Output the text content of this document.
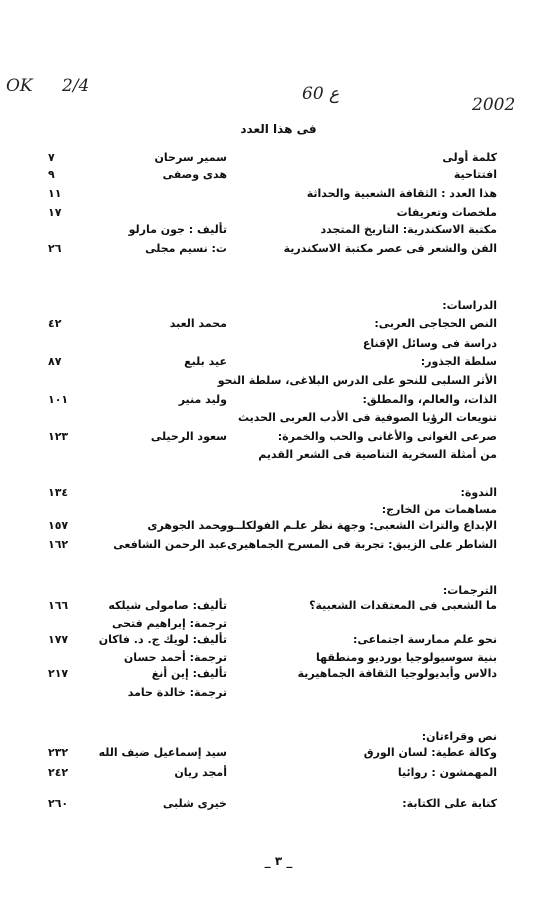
OK 2/4	60 ع
2002
فى هذا العدد
كلمة أولى
سمير سرحان
٧
افتتاحية
هدى وصفى
٩
هذا العدد : الثقافة الشعبية والحداثة
١١
ملخصات وتعريفات
١٧
مكتبة الاسكندرية: التاريخ المتجدد
تأليف : جون مارلو
الفن والشعر فى عصر مكتبة الاسكندرية
ت: نسيم مجلى
٢٦
الدراسات:
النص الحجاجى العربى:
محمد العبد
٤٢
دراسة فى وسائل الإقناع
سلطة الجذور:
عيد بلبع
٨٧
الأثر السلبى للنحو على الدرس البلاغى، سلطة النحو
الذات، والعالم، والمطلق:
وليد منير
١٠١
تنويعات الرؤيا الصوفية فى الأدب العربى الحديث
صرعى الغوانى والأغانى والحب والخمرة:
سعود الرحيلى
١٢٣
من أمثلة السخرية التناصية فى الشعر القديم
الندوة:
١٣٤
مساهمات من الخارج:
الإبداع والتراث الشعبى: وجهة نظر علـم الفولكلــور
محمد الجوهرى
١٥٧
الشاطر على الزيبق: تجربة فى المسرح الجماهيرى
عبد الرحمن الشافعى
١٦٢
الترجمات:
ما الشعبى فى المعتقدات الشعبية؟
تأليف: صامولى شيلكه
١٦٦
ترجمة: إبراهيم فتحى
نحو علم ممارسة اجتماعى:
تأليف: لويك ج. د. فاكان
١٧٧
بنية سوسيولوجيا بورديو ومنطقها
ترجمة: أحمد حسان
دالاس وأيديولوجيا الثقافة الجماهيرية
تأليف: إين أنغ
٢١٧
ترجمة: خالدة حامد
نص وقراءتان:
وكالة عطية: لسان الورق
سيد إسماعيل ضيف الله
٢٣٢
المهمشون : روائيا
أمجد ريان
٢٤٢
كتابة على الكتابة:
خيرى شلبى
٢٦٠
_ ٣ _
